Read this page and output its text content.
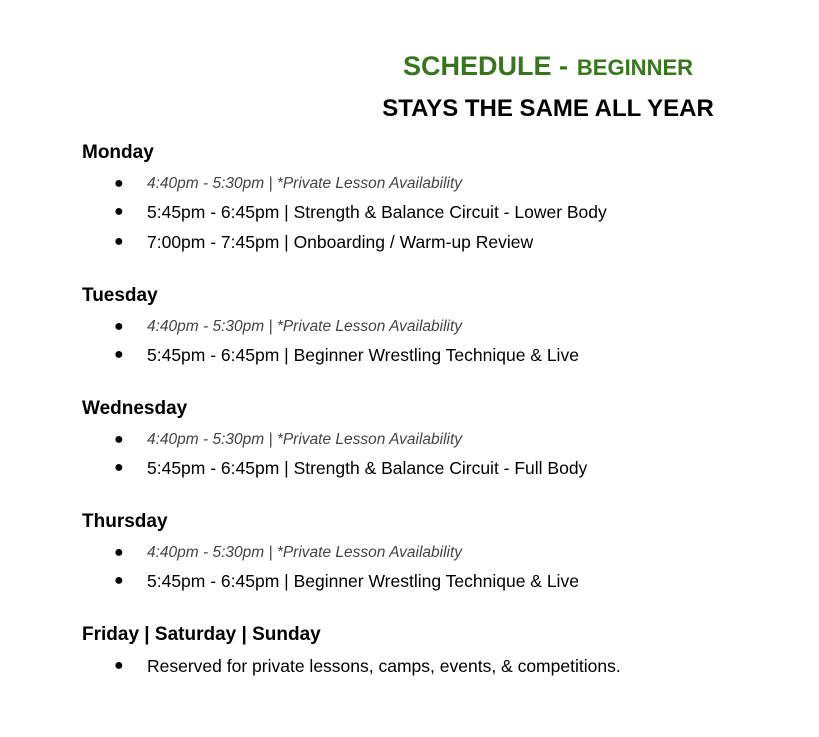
SCHEDULE - BEGINNER
STAYS THE SAME ALL YEAR
Monday
● 4:40pm - 5:30pm | *Private Lesson Availability
● 5:45pm - 6:45pm | Strength & Balance Circuit - Lower Body
● 7:00pm - 7:45pm | Onboarding / Warm-up Review
Tuesday
● 4:40pm - 5:30pm | *Private Lesson Availability
● 5:45pm - 6:45pm | Beginner Wrestling Technique & Live
Wednesday
● 4:40pm - 5:30pm | *Private Lesson Availability
● 5:45pm - 6:45pm | Strength & Balance Circuit - Full Body
Thursday
● 4:40pm - 5:30pm | *Private Lesson Availability
● 5:45pm - 6:45pm | Beginner Wrestling Technique & Live
Friday | Saturday | Sunday
● Reserved for private lessons, camps, events, & competitions.
